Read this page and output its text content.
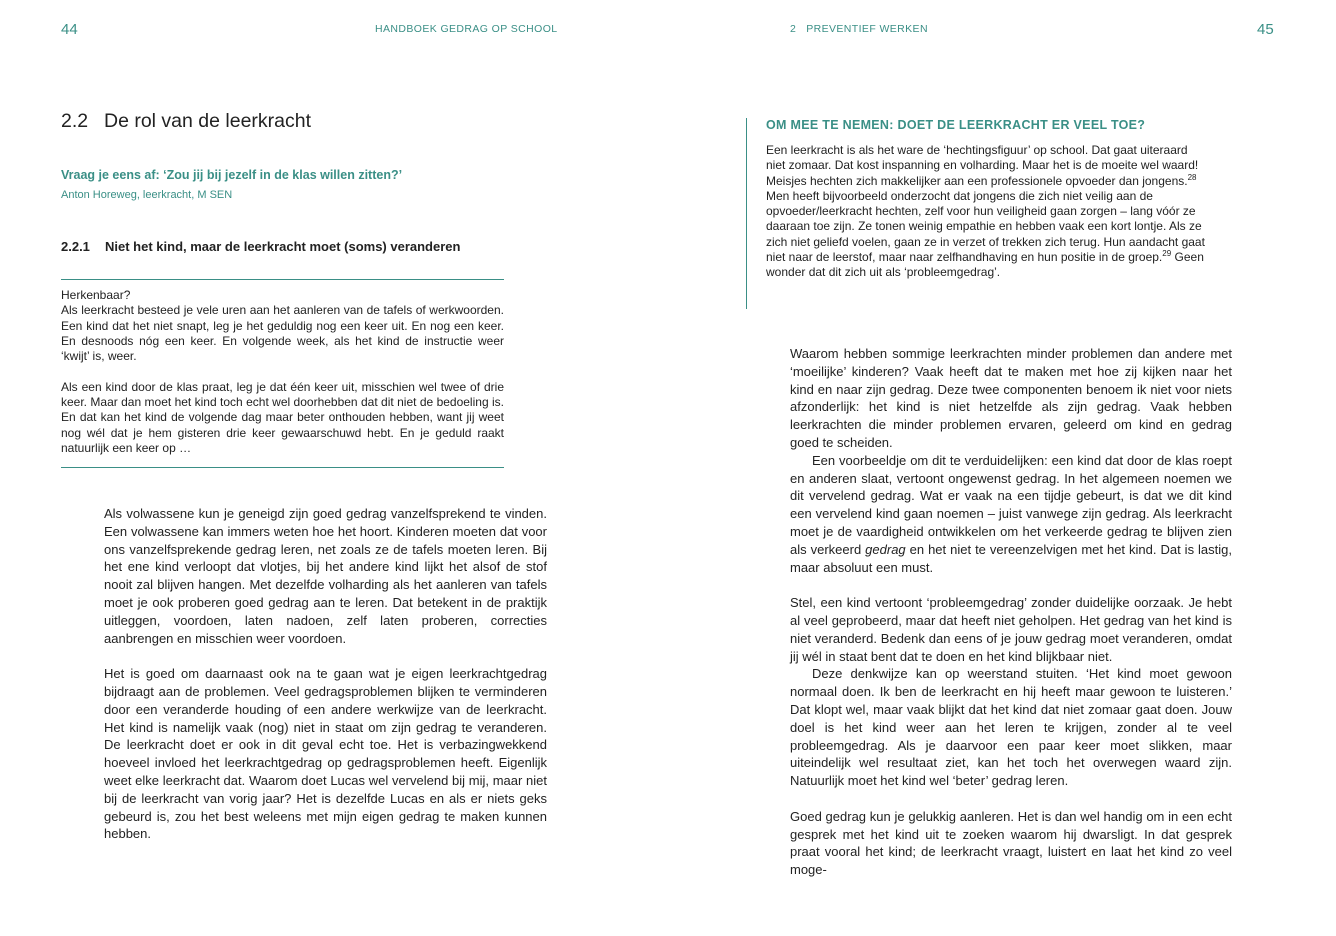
44	HANDBOEK GEDRAG OP SCHOOL
2.2 De rol van de leerkracht
Vraag je eens af: ‘Zou jij bij jezelf in de klas willen zitten?’
Anton Horeweg, leerkracht, M SEN
2.2.1 Niet het kind, maar de leerkracht moet (soms) veranderen

Herkenbaar?

Als leerkracht besteed je vele uren aan het aanleren van de tafels of werkwoorden. Een kind dat het niet snapt, leg je het geduldig nog een keer uit. En nog een keer. En desnoods nóg een keer. En volgende week, als het kind de instructie weer ‘kwijt’ is, weer.

Als een kind door de klas praat, leg je dat één keer uit, misschien wel twee of drie keer. Maar dan moet het kind toch echt wel doorhebben dat dit niet de bedoeling is. En dat kan het kind de volgende dag maar beter onthouden hebben, want jij weet nog wél dat je hem gisteren drie keer gewaarschuwd hebt. En je geduld raakt natuurlijk een keer op …

Als volwassene kun je geneigd zijn goed gedrag vanzelfsprekend te vinden. Een volwassene kan immers weten hoe het hoort. Kinderen moeten dat voor ons vanzelfsprekende gedrag leren, net zoals ze de tafels moeten leren. Bij het ene kind verloopt dat vlotjes, bij het andere kind lijkt het alsof de stof nooit zal blijven hangen. Met dezelfde volharding als het aanleren van tafels moet je ook proberen goed gedrag aan te leren. Dat betekent in de praktijk uitleggen, voordoen, laten nadoen, zelf laten proberen, correcties aanbrengen en misschien weer voordoen.

Het is goed om daarnaast ook na te gaan wat je eigen leerkrachtgedrag bijdraagt aan de problemen. Veel gedragsproblemen blijken te verminderen door een veranderde houding of een andere werkwijze van de leerkracht. Het kind is namelijk vaak (nog) niet in staat om zijn gedrag te veranderen. De leerkracht doet er ook in dit geval echt toe. Het is verbazingwekkend hoeveel invloed het leerkrachtgedrag op gedragsproblemen heeft. Eigenlijk weet elke leerkracht dat. Waarom doet Lucas wel vervelend bij mij, maar niet bij de leerkracht van vorig jaar? Het is dezelfde Lucas en als er niets geks gebeurd is, zou het best weleens met mijn eigen gedrag te maken kunnen hebben.

2 PREVENTIEF WERKEN	45
OM MEE TE NEMEN: DOET DE LEERKRACHT ER VEEL TOE?

Een leerkracht is als het ware de ‘hechtingsfiguur’ op school. Dat gaat uiteraard niet zomaar. Dat kost inspanning en volharding. Maar het is de moeite wel waard!

Meisjes hechten zich makkelijker aan een professionele opvoeder dan jongens.$^{28}$ Men heeft bijvoorbeeld onderzocht dat jongens die zich niet veilig aan de opvoeder/leerkracht hechten, zelf voor hun veiligheid gaan zorgen – lang vóór ze daaraan toe zijn. Ze tonen weinig empathie en hebben vaak een kort lontje. Als ze zich niet geliefd voelen, gaan ze in verzet of trekken zich terug. Hun aandacht gaat niet naar de leerstof, maar naar zelfhandhaving en hun positie in de groep.$^{29}$ Geen wonder dat dit zich uit als ‘probleemgedrag’.

Waarom hebben sommige leerkrachten minder problemen dan andere met ‘moeilijke’ kinderen? Vaak heeft dat te maken met hoe zij kijken naar het kind en naar zijn gedrag. Deze twee componenten benoem ik niet voor niets afzonderlijk: het kind is niet hetzelfde als zijn gedrag. Vaak hebben leerkrachten die minder problemen ervaren, geleerd om kind en gedrag goed te scheiden.

Een voorbeeldje om dit te verduidelijken: een kind dat door de klas roept en anderen slaat, vertoont ongewenst gedrag. In het algemeen noemen we dit vervelend gedrag. Wat er vaak na een tijdje gebeurt, is dat we dit kind een vervelend kind gaan noemen – juist vanwege zijn gedrag. Als leerkracht moet je de vaardigheid ontwikkelen om het verkeerde gedrag te blijven zien als verkeerd gedrag en het niet te vereenzelvigen met het kind. Dat is lastig, maar absoluut een must.

Stel, een kind vertoont ‘probleemgedrag’ zonder duidelijke oorzaak. Je hebt al veel geprobeerd, maar dat heeft niet geholpen. Het gedrag van het kind is niet veranderd. Bedenk dan eens of je jouw gedrag moet veranderen, omdat jij wél in staat bent dat te doen en het kind blijkbaar niet.

Deze denkwijze kan op weerstand stuiten. ‘Het kind moet gewoon normaal doen. Ik ben de leerkracht en hij heeft maar gewoon te luisteren.’ Dat klopt wel, maar vaak blijkt dat het kind dat niet zomaar gaat doen. Jouw doel is het kind weer aan het leren te krijgen, zonder al te veel probleemgedrag. Als je daarvoor een paar keer moet slikken, maar uiteindelijk wel resultaat ziet, kan het toch het overwegen waard zijn. Natuurlijk moet het kind wel ‘beter’ gedrag leren.

Goed gedrag kun je gelukkig aanleren. Het is dan wel handig om in een echt gesprek met het kind uit te zoeken waarom hij dwarsligt. In dat gesprek praat vooral het kind; de leerkracht vraagt, luistert en laat het kind zo veel moge-
